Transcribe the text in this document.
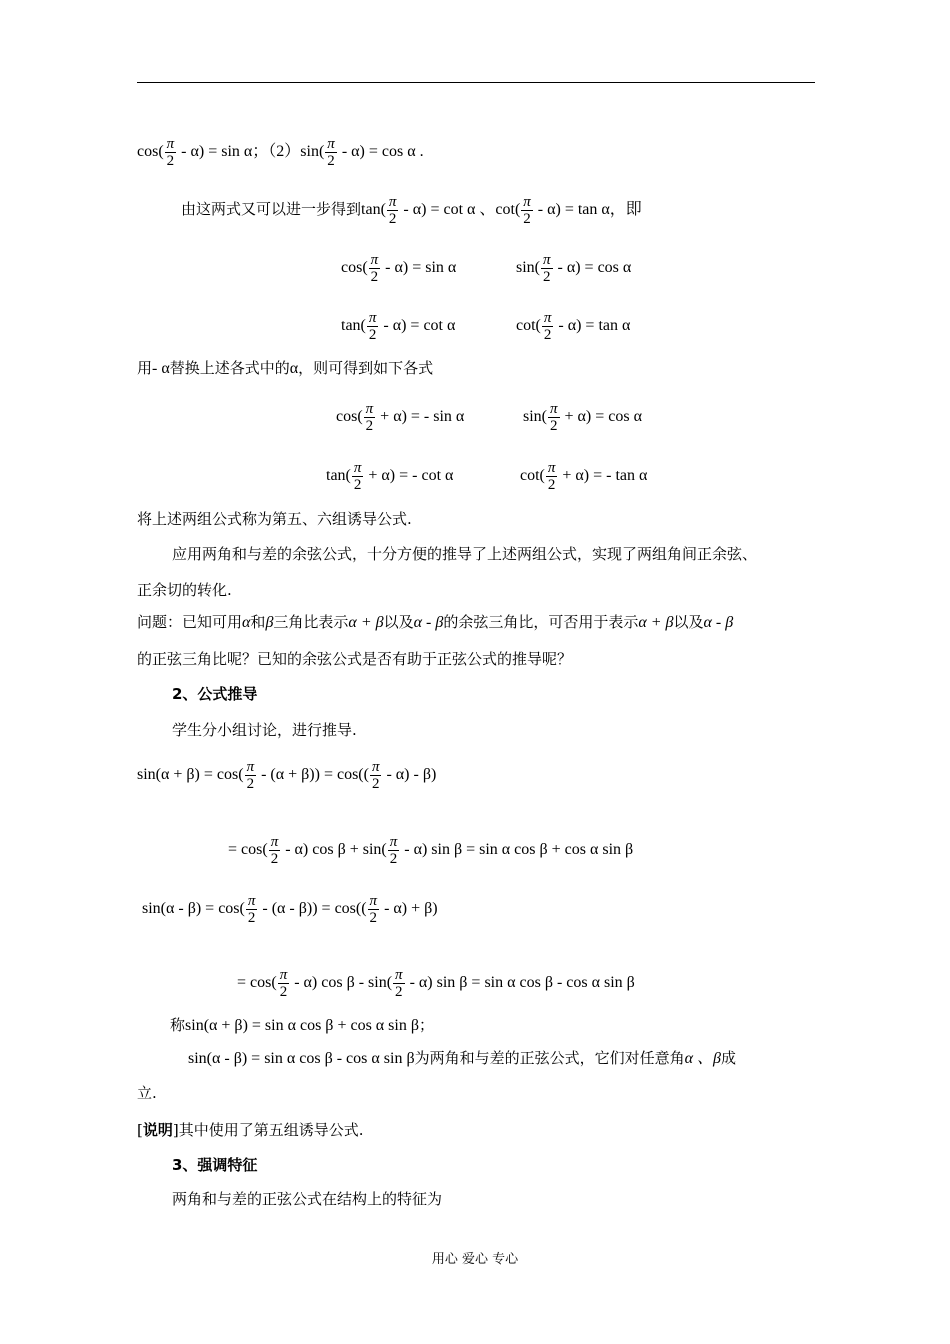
$\cos( \frac{\pi}{2} - \alpha) = \sin \alpha$；$(2)\sin( \frac{\pi}{2} - \alpha) = \cos \alpha$ .
由这两式又可以进一步得到$\tan( \frac{\pi}{2} - \alpha) = \cot \alpha$ 、$\cot( \frac{\pi}{2} - \alpha) = \tan \alpha$，即
$\cos( \frac{\pi}{2} - \alpha) = \sin \alpha$	$\sin( \frac{\pi}{2} - \alpha) = \cos \alpha$
$\tan( \frac{\pi}{2} - \alpha) = \cot \alpha$	$\cot( \frac{\pi}{2} - \alpha) = \tan \alpha$
用- α替换上述各式中的α，则可得到如下各式
$\cos( \frac{\pi}{2} + \alpha)$ = - sin α	$\sin( \frac{\pi}{2} + \alpha) = \cos \alpha$
$\tan( \frac{\pi}{2} + \alpha)$ = - cot α	$\cot( \frac{\pi}{2} + \alpha)$ = - tan α
将上述两组公式称为第五、六组诱导公式.
应用两角和与差的余弦公式，十分方便的推导了上述两组公式，实现了两组角间正余弦、
正余切的转化.
问题：已知可用α和β三角比表示α + β以及α - β的余弦三角比，可否用于表示α + β以及α - β
的正弦三角比呢？已知的余弦公式是否有助于正弦公式的推导呢？
2、公式推导
学生分小组讨论，进行推导.
$\sin(\alpha + \beta) = \cos( \frac{\pi}{2} - (\alpha + \beta)) = \cos(( \frac{\pi}{2} - \alpha) - \beta)$
= $\cos( \frac{\pi}{2} - \alpha)$ $\cos \beta + \sin( \frac{\pi}{2} - \alpha)$ sin β = sin α cos β + cos α sin β
$\sin(\alpha - \beta) = \cos( \frac{\pi}{2} - (\alpha - \beta)) = \cos(( \frac{\pi}{2} - \alpha) + \beta)$
= $\cos( \frac{\pi}{2} - \alpha)$ cos β - $\sin( \frac{\pi}{2} - \alpha)$ sin β = sin α cos β - cos α sin β
称sin(α + β) = sin α cos β + cos α sin β；
sin(α - β) = sin α cos β - cos α sin β为两角和与差的正弦公式，它们对任意角α 、β成
立.
[说明]其中使用了第五组诱导公式.
3、强调特征
两角和与差的正弦公式在结构上的特征为
用心 爱心 专心
